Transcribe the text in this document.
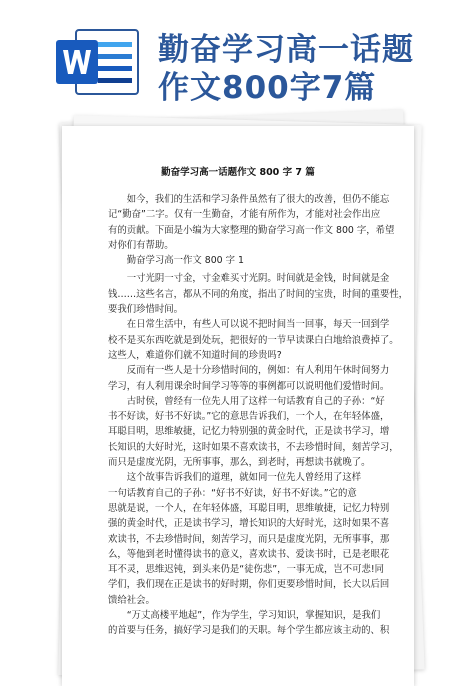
勤奋学习高一话题
作文800字7篇
勤奋学习高一话题作文 800 字 7 篇
　　如今，我们的生活和学习条件虽然有了很大的改善，但仍不能忘
记“勤奋”二字。仅有一生勤奋，才能有所作为，才能对社会作出应
有的贡献。下面是小编为大家整理的勤奋学习高一作文 800 字，希望
对你们有帮助。
　　勤奋学习高一作文 800 字 1
　　一寸光阴一寸金，寸金难买寸光阴。时间就是金钱，时间就是金
钱……这些名言，都从不同的角度，指出了时间的宝贵，时间的重要性，
要我们珍惜时间。
　　在日常生活中，有些人可以说不把时间当一回事，每天一回到学
校不是买东西吃就是到处玩，把很好的一节早读课白白地给浪费掉了。
这些人，难道你们就不知道时间的珍贵吗?
　　反而有一些人是十分珍惜时间的，例如：有人利用午休时间努力
学习，有人利用课余时间学习等等的事例都可以说明他们爱惜时间。
　　古时侯，曾经有一位先人用了这样一句话教育自己的子孙：“好
书不好读，好书不好读。”它的意思告诉我们，一个人，在年轻体盛，
耳聪目明，思维敏捷，记忆力特别强的黄金时代，正是读书学习，增
长知识的大好时光，这时如果不喜欢读书，不去珍惜时间，刻苦学习，
而只是虚度光阴，无所事事，那么，到老时，再想读书就晚了。
　　这个故事告诉我们的道理，就如同一位先人曾经用了这样
一句话教育自己的子孙：“好书不好读，好书不好读。”它的意
思就是说，一个人，在年轻体盛，耳聪目明，思维敏捷，记忆力特别
强的黄金时代，正是读书学习，增长知识的大好时光，这时如果不喜
欢读书，不去珍惜时间，刻苦学习，而只是虚度光阴，无所事事，那
么，等他到老时懂得读书的意义，喜欢读书、爱读书时，已是老眼花
耳不灵，思维迟钝，到头来仍是“徒伤悲”，一事无成，岂不可悲!同
学们，我们现在正是读书的好时期，你们更要珍惜时间，长大以后回
馈给社会。
　　“万丈高楼平地起”，作为学生，学习知识，掌握知识，是我们
的首要与任务，搞好学习是我们的天职。每个学生都应该主动的、积
